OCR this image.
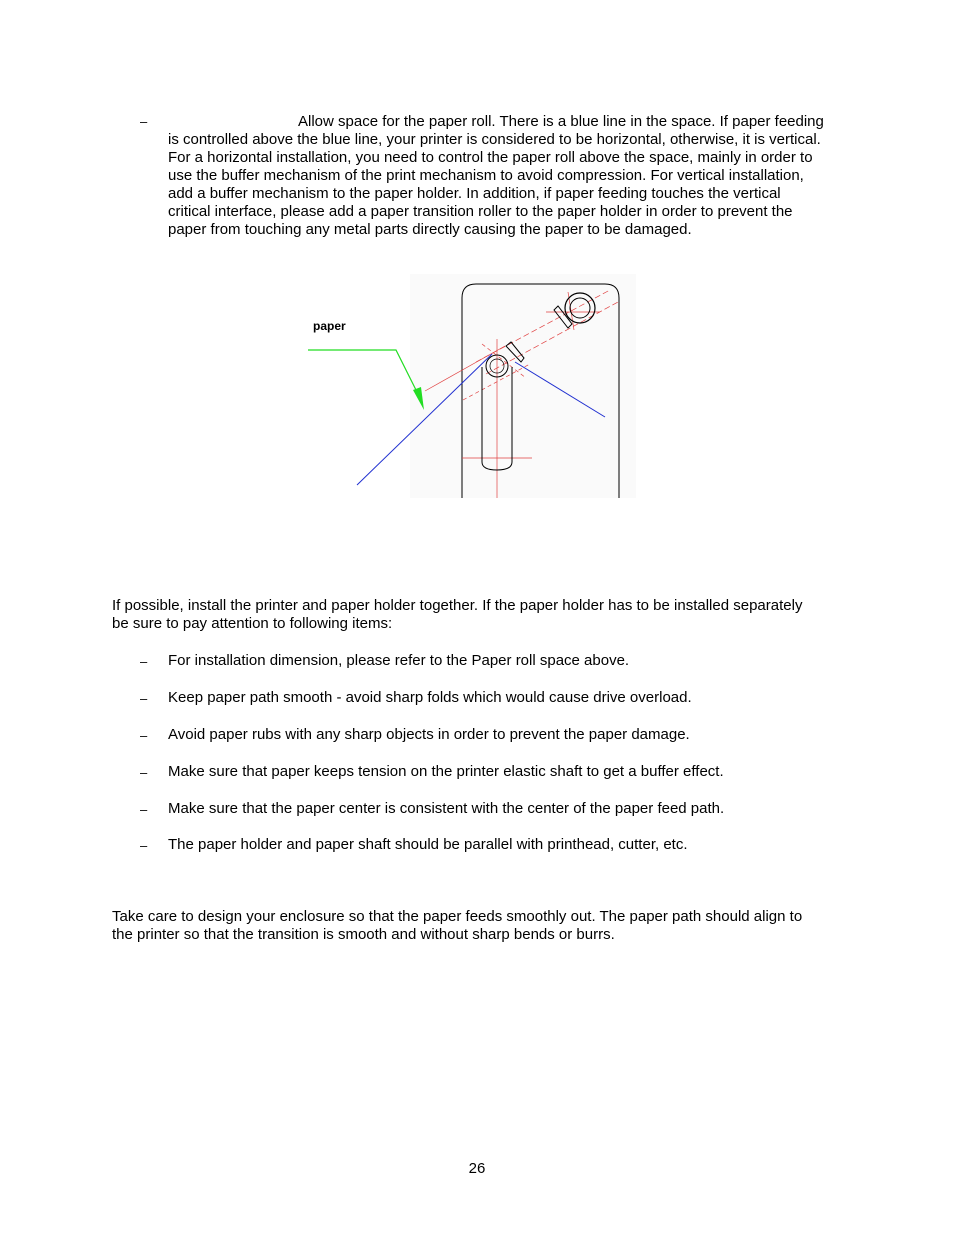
–	Allow space for the paper roll. There is a blue line in the space. If paper feeding
is controlled above the blue line, your printer is considered to be horizontal, otherwise, it is vertical.
For a horizontal installation, you need to control the paper roll above the space, mainly in order to
use the buffer mechanism of the print mechanism to avoid compression. For vertical installation,
add a buffer mechanism to the paper holder. In addition, if paper feeding touches the vertical
critical interface, please add a paper transition roller to the paper holder in order to prevent the
paper from touching any metal parts directly causing the paper to be damaged.
paper
If possible, install the printer and paper holder together. If the paper holder has to be installed separately
be sure to pay attention to following items:
–	For installation dimension, please refer to the Paper roll space above.
–	Keep paper path smooth - avoid sharp folds which would cause drive overload.
–	Avoid paper rubs with any sharp objects in order to prevent the paper damage.
–	Make sure that paper keeps tension on the printer elastic shaft to get a buffer effect.
–	Make sure that the paper center is consistent with the center of the paper feed path.
–	The paper holder and paper shaft should be parallel with printhead, cutter, etc.
Take care to design your enclosure so that the paper feeds smoothly out. The paper path should align to
the printer so that the transition is smooth and without sharp bends or burrs.
26
